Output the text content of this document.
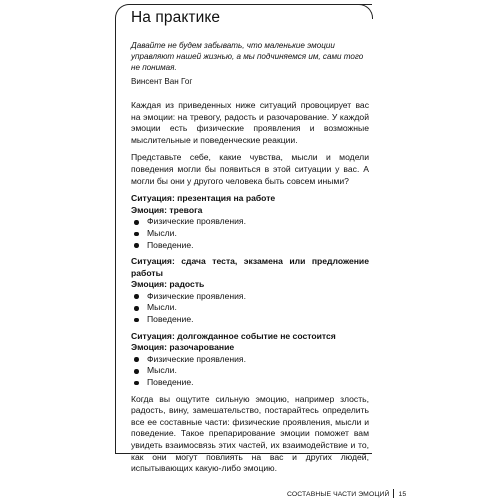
На практике
Давайте не будем забывать, что маленькие эмоции управляют нашей жизнью, а мы подчиняемся им, сами того не понимая.
Винсент Ван Гог

Каждая из приведенных ниже ситуаций провоцирует вас на эмоции: на тревогу, радость и разочарование. У каждой эмоции есть физические проявления и возможные мыслительные и поведенческие реакции.

Представьте себе, какие чувства, мысли и модели поведения могли бы появиться в этой ситуации у вас. А могли бы они у другого человека быть совсем иными?

Ситуация: презентация на работе
Эмоция: тревога
Физические проявления.
Мысли.
Поведение.
Ситуация: сдача теста, экзамена или предложение работы
Эмоция: радость
Физические проявления.
Мысли.
Поведение.
Ситуация: долгожданное событие не состоится
Эмоция: разочарование
Физические проявления.
Мысли.
Поведение.

Когда вы ощутите сильную эмоцию, например злость, радость, вину, замешательство, постарайтесь определить все ее составные части: физические проявления, мысли и поведение. Такое препарирование эмоции поможет вам увидеть взаимосвязь этих частей, их взаимодействие и то, как они могут повлиять на вас и других людей, испытывающих какую-либо эмоцию.

СОСТАВНЫЕ ЧАСТИ ЭМОЦИЙ 15
